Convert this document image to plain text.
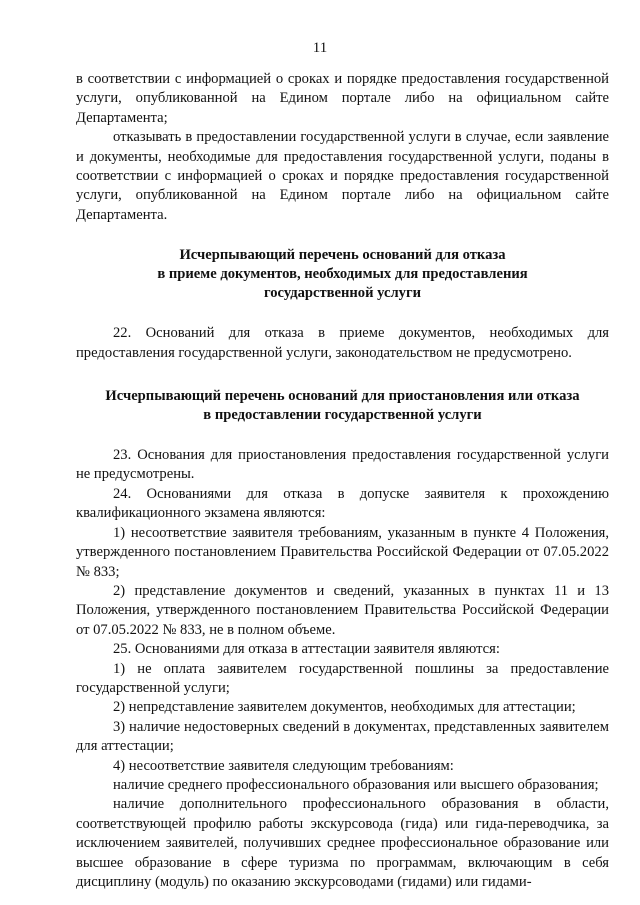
11

в соответствии с информацией о сроках и порядке предоставления государственной услуги, опубликованной на Едином портале либо на официальном сайте Департамента;

отказывать в предоставлении государственной услуги в случае, если заявление и документы, необходимые для предоставления государственной услуги, поданы в соответствии с информацией о сроках и порядке предоставления государственной услуги, опубликованной на Едином портале либо на официальном сайте Департамента.

Исчерпывающий перечень оснований для отказа
в приеме документов, необходимых для предоставления
государственной услуги

22. Оснований для отказа в приеме документов, необходимых для предоставления государственной услуги, законодательством не предусмотрено.

Исчерпывающий перечень оснований для приостановления или отказа
в предоставлении государственной услуги

23. Основания для приостановления предоставления государственной услуги не предусмотрены.

24. Основаниями для отказа в допуске заявителя к прохождению квалификационного экзамена являются:

1) несоответствие заявителя требованиям, указанным в пункте 4 Положения, утвержденного постановлением Правительства Российской Федерации от 07.05.2022 № 833;

2) представление документов и сведений, указанных в пунктах 11 и 13 Положения, утвержденного постановлением Правительства Российской Федерации от 07.05.2022 № 833, не в полном объеме.

25. Основаниями для отказа в аттестации заявителя являются:

1) не оплата заявителем государственной пошлины за предоставление государственной услуги;

2) непредставление заявителем документов, необходимых для аттестации;

3) наличие недостоверных сведений в документах, представленных заявителем для аттестации;

4) несоответствие заявителя следующим требованиям:

наличие среднего профессионального образования или высшего образования;

наличие дополнительного профессионального образования в области, соответствующей профилю работы экскурсовода (гида) или гида-переводчика, за исключением заявителей, получивших среднее профессиональное образование или высшее образование в сфере туризма по программам, включающим в себя дисциплину (модуль) по оказанию экскурсоводами (гидами) или гидами-
